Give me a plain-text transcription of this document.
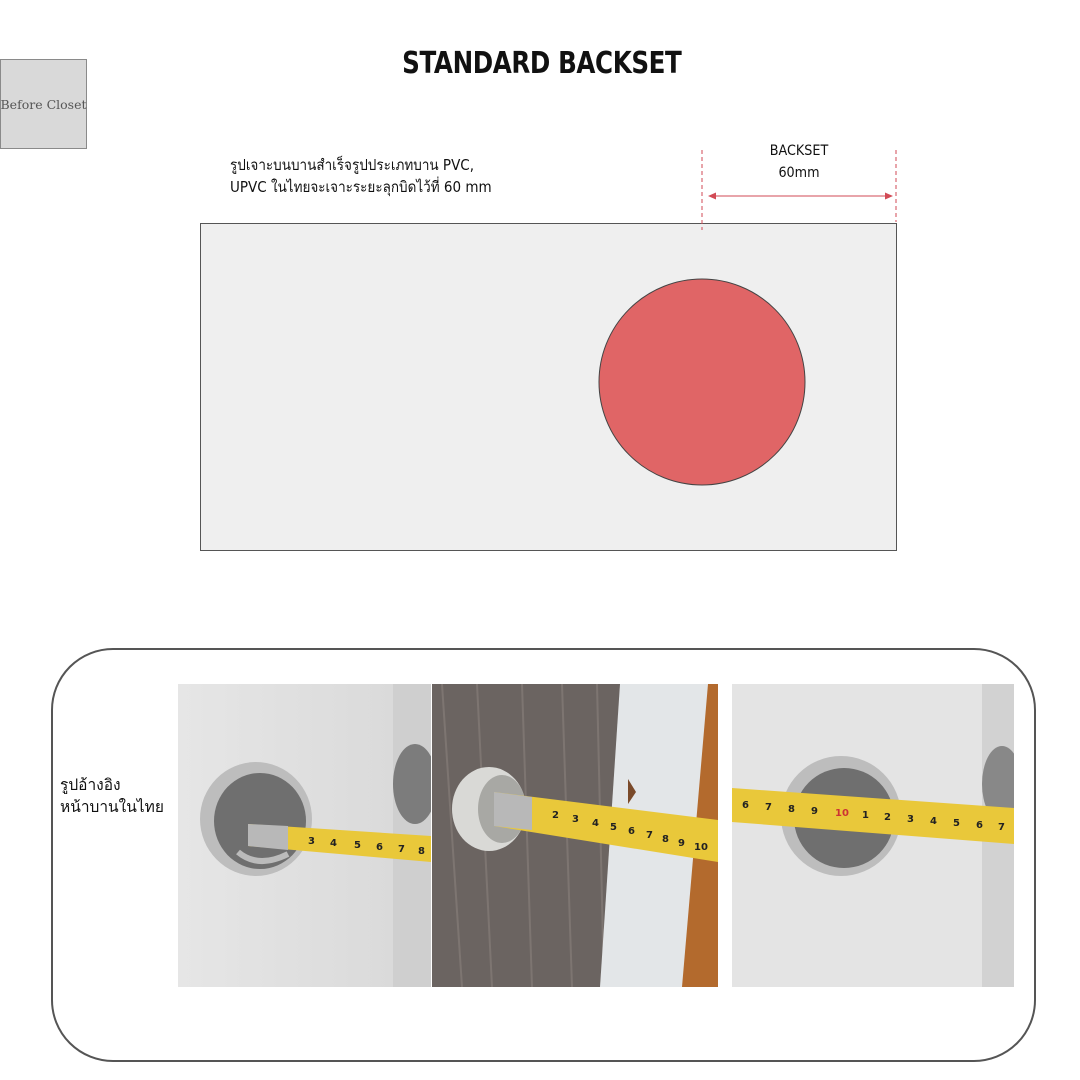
Before Closet
STANDARD BACKSET
รูปเจาะบนบานสำเร็จรูปประเภทบาน PVC,
UPVC ในไทยจะเจาะระยะลุกบิดไว้ที่ 60 mm
BACKSET
60mm
รูปอ้างอิง
หน้าบานในไทย
3 4 5 6 7 8
2 3 4 5 6 7 8 9 10
6 7 8 9 10 1 2 3 4 5 6 7
